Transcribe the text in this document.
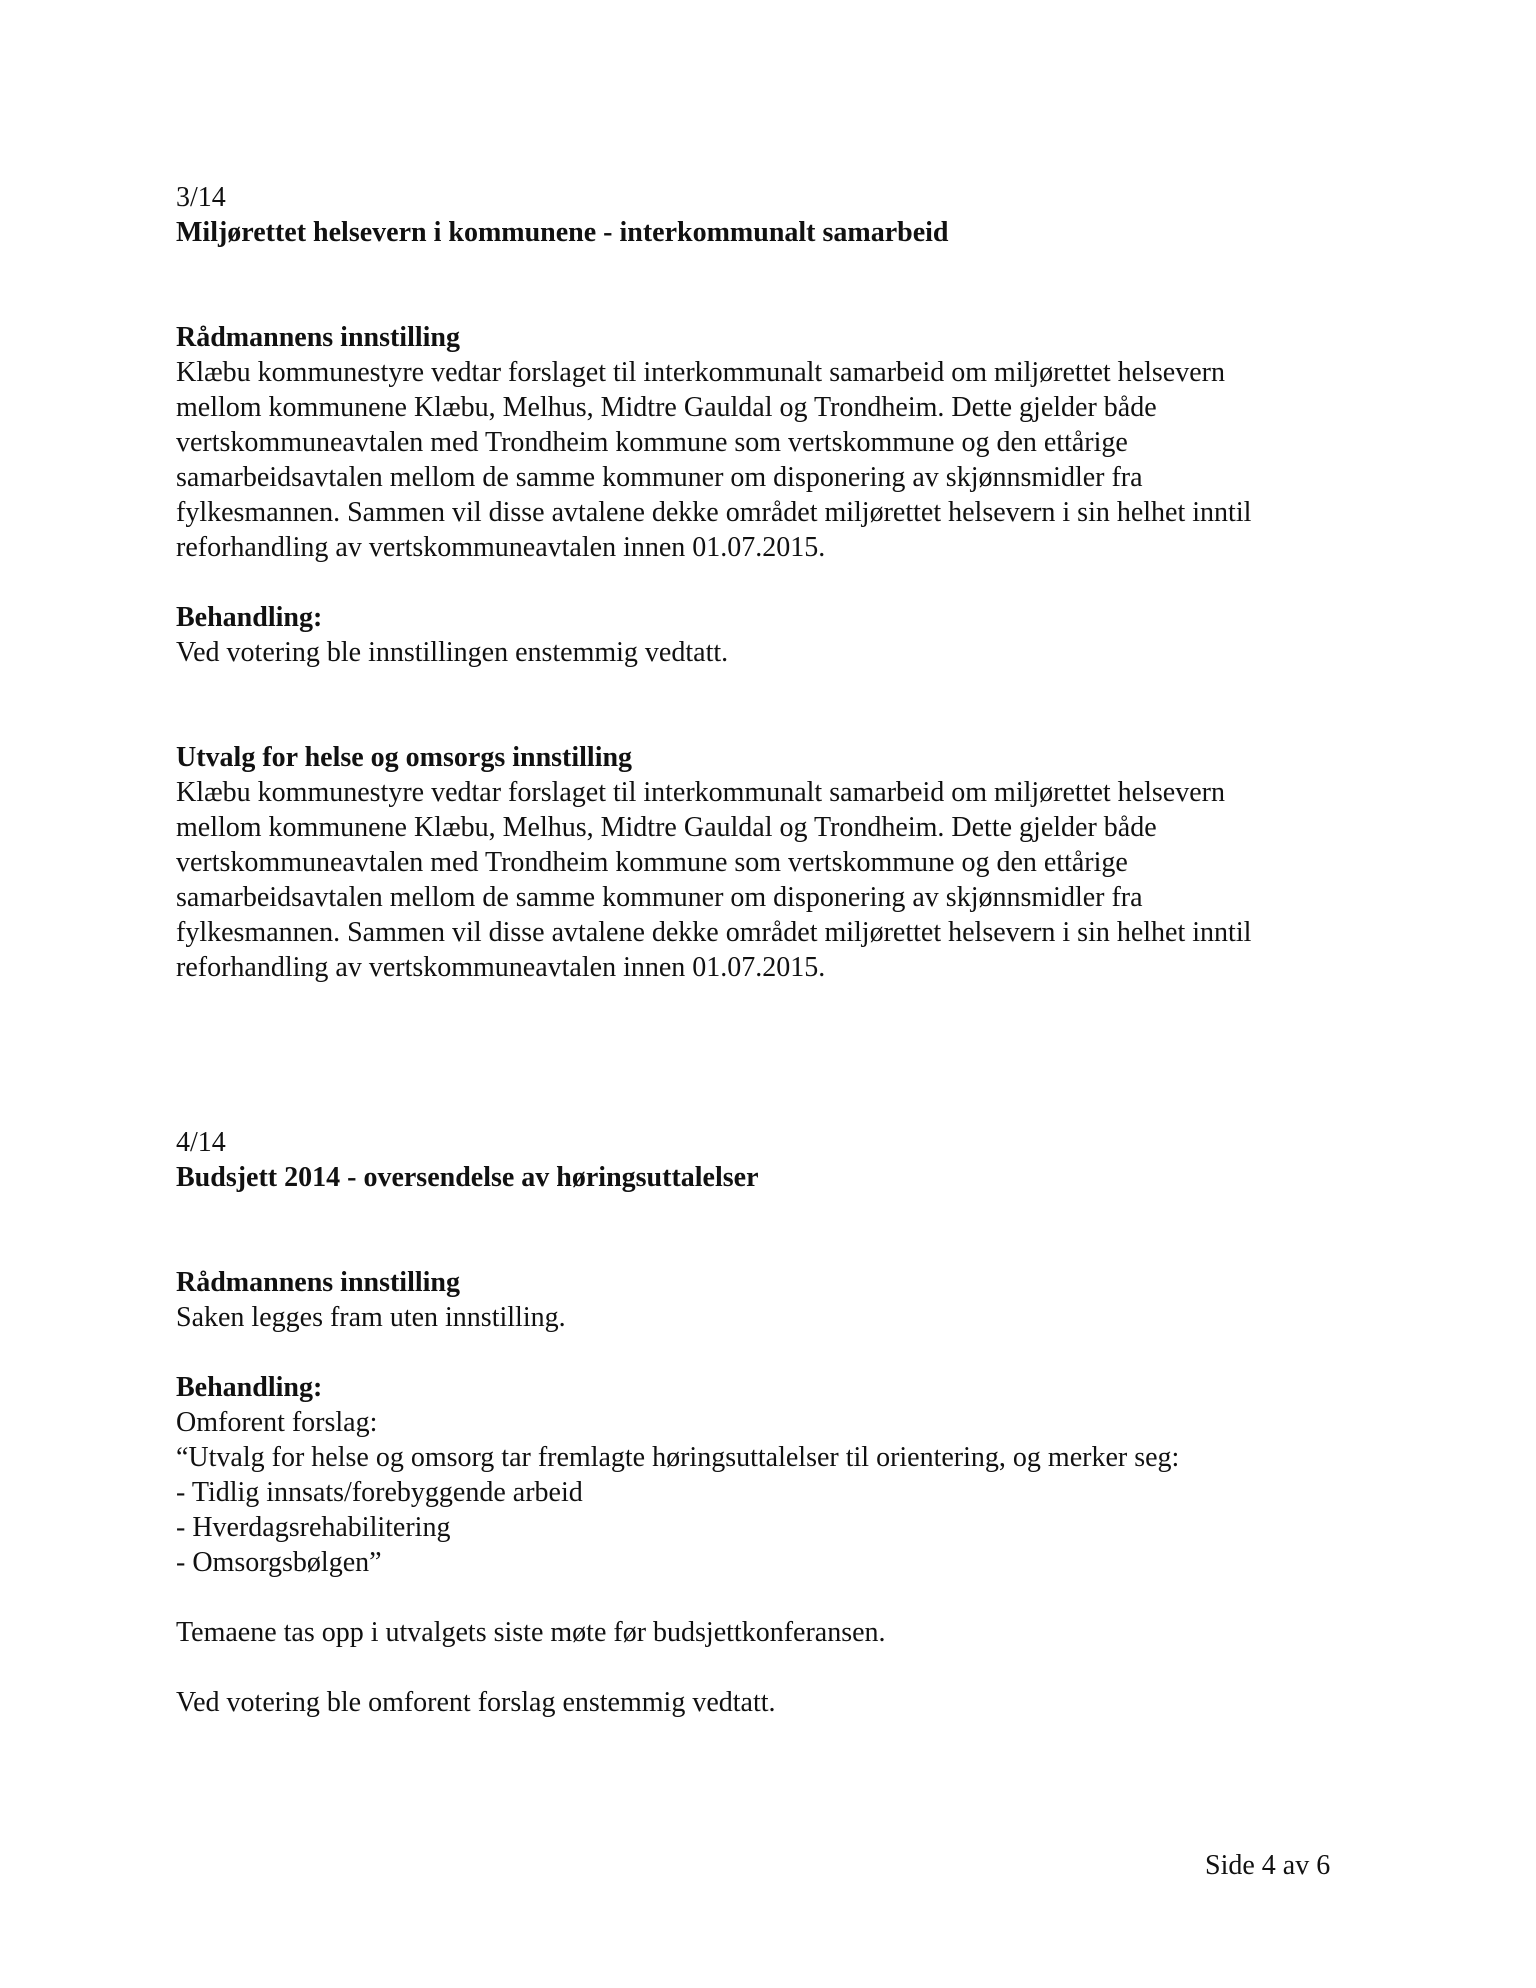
3/14
Miljørettet helsevern i kommunene - interkommunalt samarbeid
Rådmannens innstilling
Klæbu kommunestyre vedtar forslaget til interkommunalt samarbeid om miljørettet helsevern
mellom kommunene Klæbu, Melhus, Midtre Gauldal og Trondheim. Dette gjelder både
vertskommuneavtalen med Trondheim kommune som vertskommune og den ettårige
samarbeidsavtalen mellom de samme kommuner om disponering av skjønnsmidler fra
fylkesmannen. Sammen vil disse avtalene dekke området miljørettet helsevern i sin helhet inntil
reforhandling av vertskommuneavtalen innen 01.07.2015.
Behandling:
Ved votering ble innstillingen enstemmig vedtatt.
Utvalg for helse og omsorgs innstilling
Klæbu kommunestyre vedtar forslaget til interkommunalt samarbeid om miljørettet helsevern
mellom kommunene Klæbu, Melhus, Midtre Gauldal og Trondheim. Dette gjelder både
vertskommuneavtalen med Trondheim kommune som vertskommune og den ettårige
samarbeidsavtalen mellom de samme kommuner om disponering av skjønnsmidler fra
fylkesmannen. Sammen vil disse avtalene dekke området miljørettet helsevern i sin helhet inntil
reforhandling av vertskommuneavtalen innen 01.07.2015.
4/14
Budsjett 2014 - oversendelse av høringsuttalelser
Rådmannens innstilling
Saken legges fram uten innstilling.
Behandling:
Omforent forslag:
“Utvalg for helse og omsorg tar fremlagte høringsuttalelser til orientering, og merker seg:
- Tidlig innsats/forebyggende arbeid
- Hverdagsrehabilitering
- Omsorgsbølgen”
Temaene tas opp i utvalgets siste møte før budsjettkonferansen.
Ved votering ble omforent forslag enstemmig vedtatt.
Side 4 av 6
